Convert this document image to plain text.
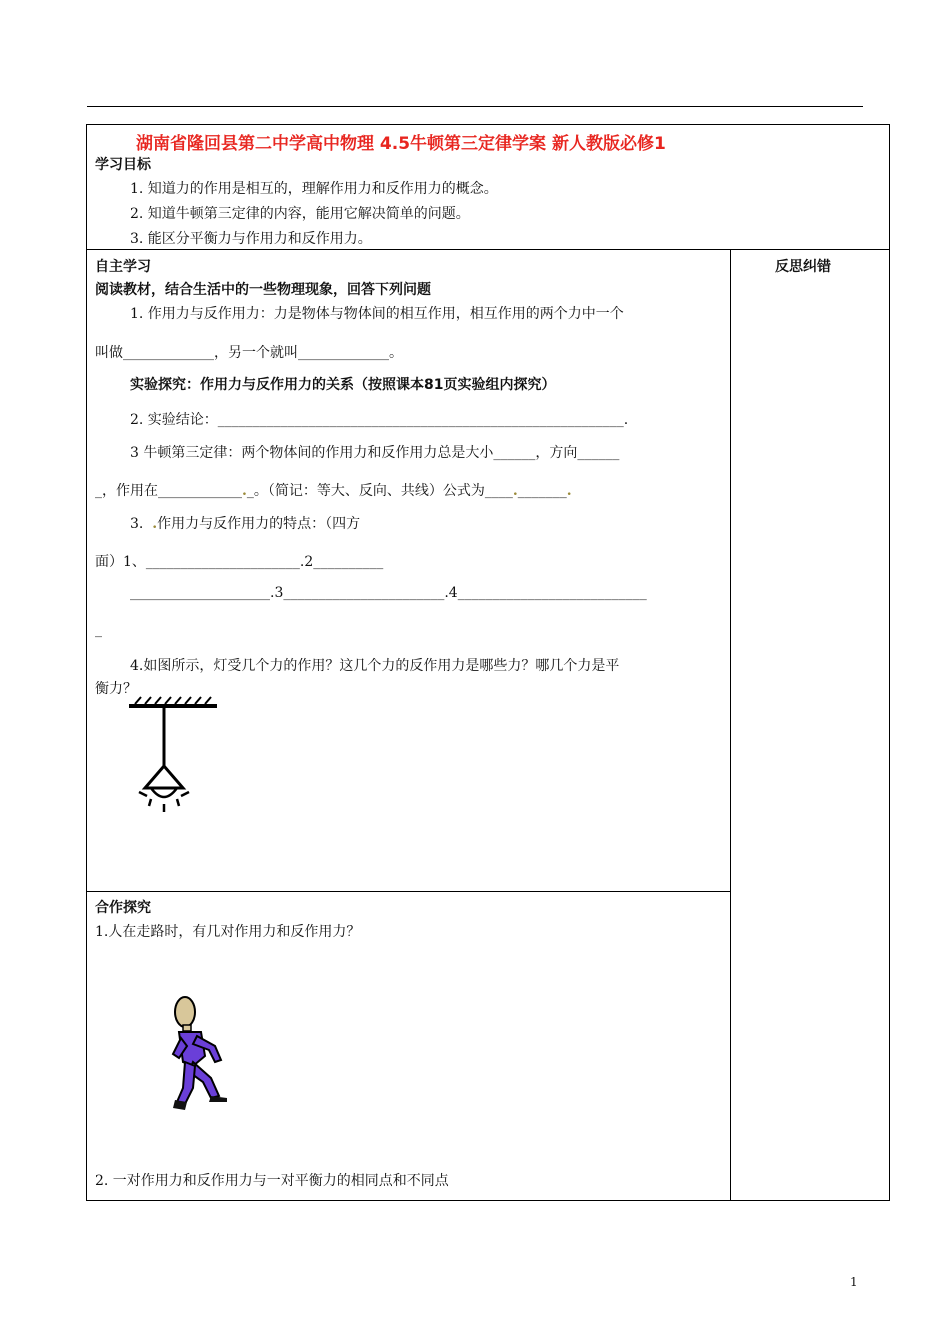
湖南省隆回县第二中学高中物理 4.5牛顿第三定律学案 新人教版必修1
学习目标
1. 知道力的作用是相互的，理解作用力和反作用力的概念。
2. 知道牛顿第三定律的内容，能用它解决简单的问题。
3. 能区分平衡力与作用力和反作用力。
反思纠错
自主学习
阅读教材，结合生活中的一些物理现象，回答下列问题
1. 作用力与反作用力：力是物体与物体间的相互作用，相互作用的两个力中一个
叫做_____________，另一个就叫_____________。
实验探究：作用力与反作用力的关系（按照课本81页实验组内探究）
2. 实验结论：__________________________________________________________.
3 牛顿第三定律：两个物体间的作用力和反作用力总是大小______，方向______
_，作用在____________._。（简记：等大、反向、共线）公式为____._______.
3. .作用力与反作用力的特点：（四方
面）1、______________________.2__________
____________________.3_______________________.4___________________________
_
4.如图所示，灯受几个力的作用？这几个力的反作用力是哪些力？哪几个力是平
衡力？
合作探究
1.人在走路时，有几对作用力和反作用力？
2. 一对作用力和反作用力与一对平衡力的相同点和不同点
1
